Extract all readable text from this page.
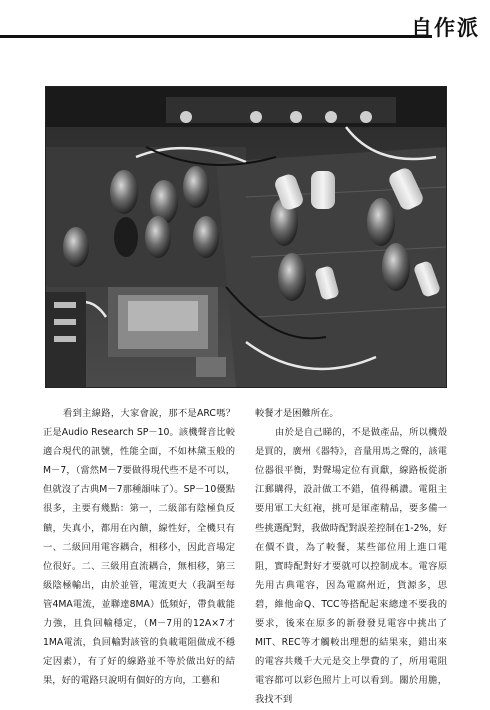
自作派

看到主線路，大家會說，那不是ARC嗎？正是Audio Research SP－10。該機聲音比較適合現代的訊號，性能全面，不如林黛玉般的M－7，（當然M－7要做得現代些不是不可以，但就沒了古典M－7那種韻味了）。SP－10優點很多，主要有幾點：第一，二級部有陰極負反饋，失真小，都用在內饋，線性好，全機只有一、二級回用電容耦合，相移小，因此音場定位很好。二、三級用直流耦合，無相移，第三級陰極輸出，由於並管，電流更大（我調至每管4MA電流，並聯達8MA）低頻好，帶負載能力強，且負回輸穩定，（M－7用的12A×7才1MA電流，負回輸對該管的負載電阻做成不穩定因素），有了好的線路並不等於做出好的結果，好的電路只說明有個好的方向，工藝和

較餐才是困難所在。

由於是自己睇的，不是做產品，所以機殼是買的，廣州《器特》，音量用馬之聲的，該電位器很平衡，對聲場定位有貢獻，線路板從浙江郵購得，設計做工不錯，值得稱讚。電阻主要用軍工大紅袍，挑可是軍產精品，要多備一些挑選配對，我做時配對誤差控制在1-2%，好在價不貴，為了較餐，某些部位用上進口電阻，實時配對好才要就可以控制成本。電容原先用古典電容，因為電腐州近，貨源多，思碧，維他命Q、TCC等搭配起來總達不要我的要求，後來在原多的新發發見電容中挑出了MIT、REC等才觸較出理想的結果來，錯出來的電容共幾千大元是交上學費的了，所用電阻電容都可以彩色照片上可以看到。關於用膽，我找不到
